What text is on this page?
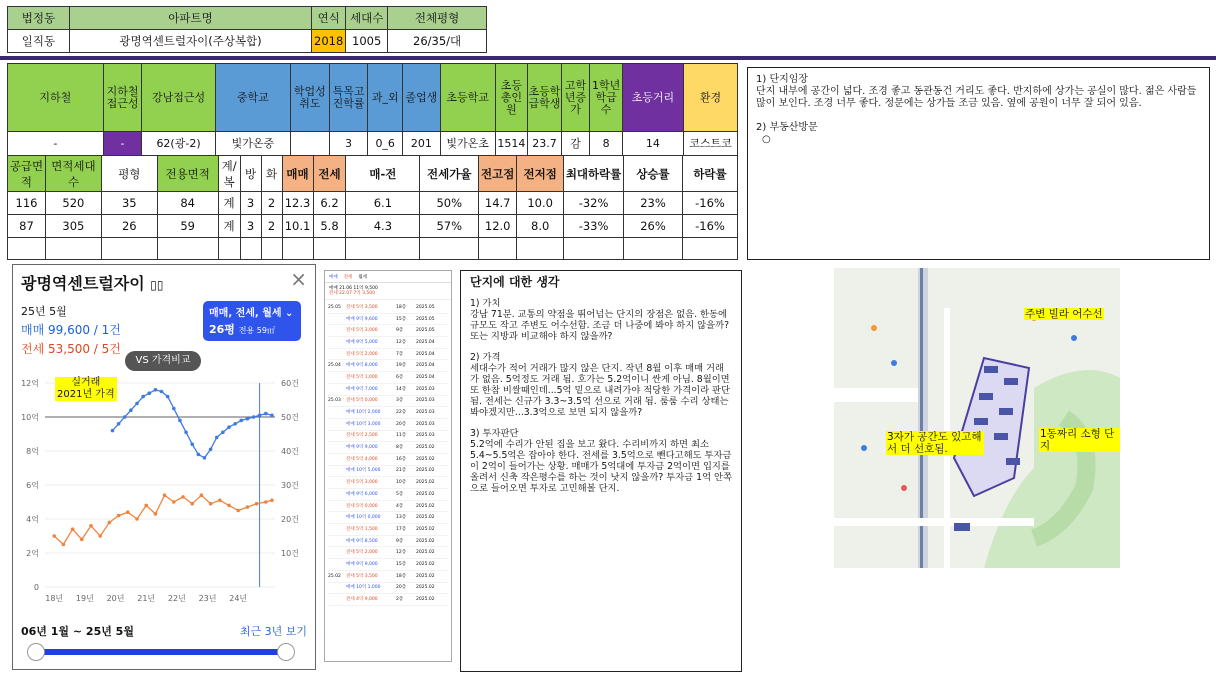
법정동	아파트명	연식	세대수	전체평형
일직동	광명역센트럴자이(주상복합)	2018	1005	26/35/대
지하철	지하철접근성	강남접근성	중학교	학업성취도	특목고진학률	과_외	졸업생	초등학교	초등총인원	초등학급학생	고학년증가	1학년학급수	초등거리	환경
-	-	62(광-2)	빛가온중		3	0_6	201	빛가온초	1514	23.7	감	8	14	코스트코
공급면적	면적세대수	평형	전용면적	계/복	방	화	매매	전세	매-전	전세가율	전고점	전저점	최대하락률	상승률	하락률
116	520	35	84	계	3	2	12.3	6.2	6.1	50%	14.7	10.0	-32%	23%	-16%
87	305	26	59	계	3	2	10.1	5.8	4.3	57%	12.0	8.0	-33%	26%	-16%

1) 단지임장
단지 내부에 공간이 넓다. 조경 좋고 동관동건 거리도 좋다. 반지하에 상가는 공실이 많다. 젊은 사람들 많이 보인다. 조경 너무 좋다. 정문에는 상가들 조금 있음. 옆에 공원이 너무 잘 되어 있음.
2) 부동산방문
○
광명역센트럴자이 ▯▯	×
25년 5월
매매 99,600 / 1건
전세 53,500 / 5건
매매, 전세, 월세 ⌄
26평 전용 59㎡
VS 가격비교
12억
10억
8억
6억
4억
2억
0
60건
50건
40건
30건
20건
10건
18년 19년 20년 21년 22년 23년 24년
실거래
2021년 가격
06년 1월 ~ 25년 5월	최근 3년 보기
매매 전세 월세
매매 21.06 11억 9,500
전세 22.07 7억 3,500
25.05	전세 5억 3,500	18층	2025.05
매매 9억 9,600	15층	2025.05
전세 5억 3,000	9층	2025.05
매매 9억 5,000	12층	2025.04
전세 5억 2,000	7층	2025.04
25.04	매매 9억 8,000	19층	2025.04
전세 5억 1,000	6층	2025.04
매매 9억 7,000	14층	2025.03
25.03	전세 5억 0,000	3층	2025.03
매매 10억 2,000	22층	2025.03
매매 10억 3,000	20층	2025.03
전세 5억 2,500	11층	2025.03
매매 9억 9,000	8층	2025.02
전세 5억 4,000	16층	2025.02
매매 10억 5,000	21층	2025.02
전세 5억 3,000	10층	2025.02
매매 9억 6,000	5층	2025.02
전세 5억 0,000	4층	2025.02
매매 10억 0,000	13층	2025.02
전세 5억 1,500	17층	2025.02
매매 9억 8,500	9층	2025.02
전세 5억 2,000	12층	2025.02
매매 9억 9,000	15층	2025.02
25.02	전세 5억 3,500	18층	2025.02
매매 10억 1,000	20층	2025.02
전세 4억 9,000	2층	2025.02
단지에 대한 생각
1) 가치
강남 71분. 교통의 약점을 뛰어넘는 단지의 장점은 없음. 한동에 규모도 작고 주변도 어수선함. 조금 더 나중에 봐야 하지 않을까? 또는 지방과 비교해야 하지 않을까?
2) 가격
세대수가 적어 거래가 많지 않은 단지. 작년 8월 이후 매매 거래가 없음. 5억정도 거래 됨. 호가는 5.2억이니 싼게 아님. 8월이면 또 한참 비쌀때인데...5억 밑으로 내려가야 적당한 가격이라 판단됨. 전세는 신규가 3.3~3.5억 선으로 거래 됨. 룸룸 수리 상태는 봐야겠지만...3.3억으로 보면 되지 않을까?
3) 투자판단
5.2억에 수리가 안된 집을 보고 왔다. 수리비까지 하면 최소 5.4~5.5억은 잡아야 한다. 전세를 3.5억으로 뺀다고해도 투자금이 2억이 들어가는 상황. 매매가 5억대에 투자금 2억이면 입지를 올려서 신축 작은평수를 하는 것이 낫지 않을까? 투자금 1억 안쪽으로 들어오면 투자로 고민해볼 단지.
주변 빌라 어수선
3자가 공간도 있고해서 더 선호됨.
1동짜리 소형 단지
